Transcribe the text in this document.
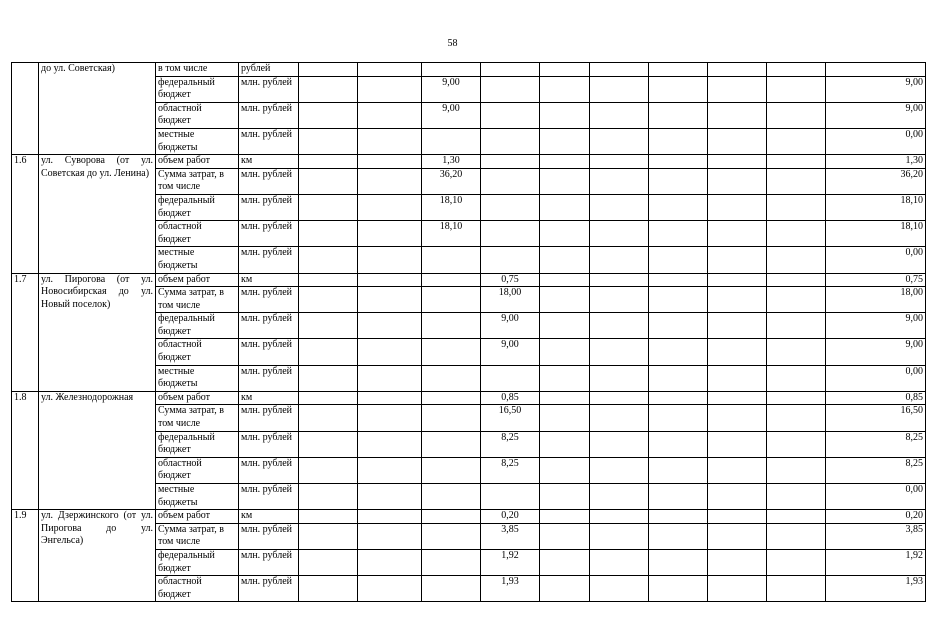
58
	до ул. Советская)	в том числе	рублей										
		федеральный бюджет	млн. рублей			9,00							9,00
		областной бюджет	млн. рублей			9,00							9,00
		местные бюджеты	млн. рублей										0,00
1.6	ул. Суворова (от ул. Советская до ул. Ленина)	объем работ	км			1,30							1,30
		Сумма затрат, в том числе	млн. рублей			36,20							36,20
		федеральный бюджет	млн. рублей			18,10							18,10
		областной бюджет	млн. рублей			18,10							18,10
		местные бюджеты	млн. рублей										0,00
1.7	ул. Пирогова (от ул. Новосибирская до ул. Новый поселок)	объем работ	км				0,75						0,75
		Сумма затрат, в том числе	млн. рублей				18,00						18,00
		федеральный бюджет	млн. рублей				9,00						9,00
		областной бюджет	млн. рублей				9,00						9,00
		местные бюджеты	млн. рублей										0,00
1.8	ул. Железнодорожная	объем работ	км				0,85						0,85
		Сумма затрат, в том числе	млн. рублей				16,50						16,50
		федеральный бюджет	млн. рублей				8,25						8,25
		областной бюджет	млн. рублей				8,25						8,25
		местные бюджеты	млн. рублей										0,00
1.9	ул. Дзержинского (от ул. Пирогова до ул. Энгельса)	объем работ	км				0,20						0,20
		Сумма затрат, в том числе	млн. рублей				3,85						3,85
		федеральный бюджет	млн. рублей				1,92						1,92
		областной бюджет	млн. рублей				1,93						1,93
